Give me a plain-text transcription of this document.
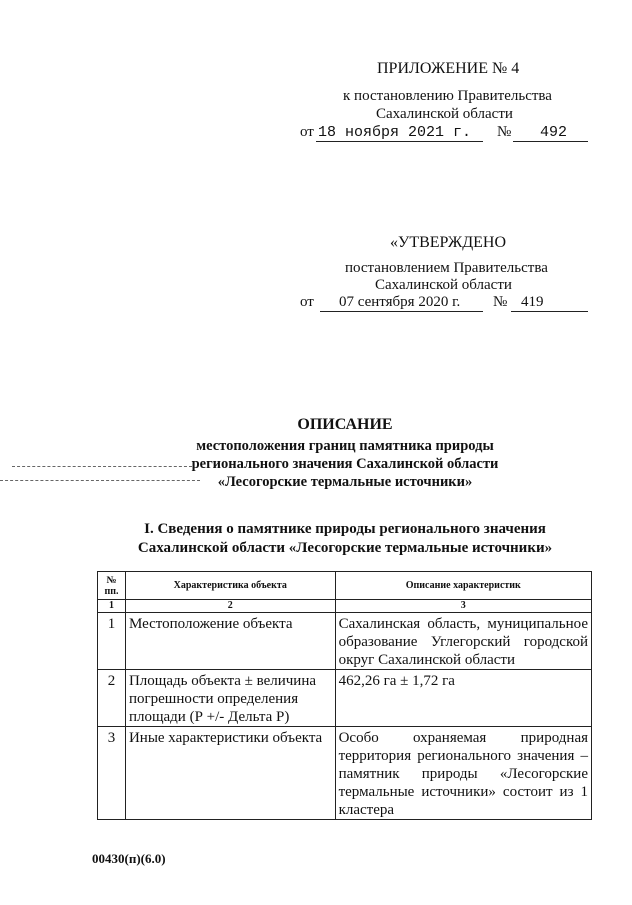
ПРИЛОЖЕНИЕ № 4
к постановлению Правительства
Сахалинской области
от 18 ноября 2021 г. № 492
«УТВЕРЖДЕНО
постановлением Правительства
Сахалинской области
от 07 сентября 2020 г. № 419
ОПИСАНИЕ
местоположения границ памятника природы
регионального значения Сахалинской области
«Лесогорские термальные источники»
I. Сведения о памятнике природы регионального значения
Сахалинской области «Лесогорские термальные источники»
№ пп.	Характеристика объекта	Описание характеристик
1	2	3
1	Местоположение объекта	Сахалинская область, муниципальное образование Углегорский городской округ Сахалинской области
2	Площадь объекта ± величина погрешности определения площади (Р +/- Дельта Р)	462,26 га ± 1,72 га
3	Иные характеристики объекта	Особо охраняемая природная территория регионального значения – памятник природы «Лесогорские термальные источники» состоит из 1 кластера
00430(п)(6.0)
